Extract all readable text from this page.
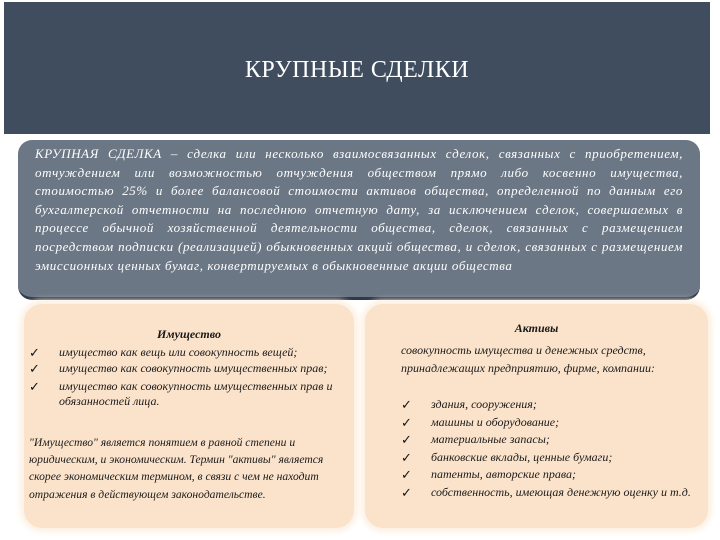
КРУПНЫЕ СДЕЛКИ
КРУПНАЯ СДЕЛКА – сделка или несколько взаимосвязанных сделок, связанных с приобретением, отчуждением или возможностью отчуждения обществом прямо либо косвенно имущества, стоимостью 25% и более балансовой стоимости активов общества, определенной по данным его бухгалтерской отчетности на последнюю отчетную дату, за исключением сделок, совершаемых в процессе обычной хозяйственной деятельности общества, сделок, связанных с размещением посредством подписки (реализацией) обыкновенных акций общества, и сделок, связанных с размещением эмиссионных ценных бумаг, конвертируемых в обыкновенные акции общества
Имущество
✓ имущество как вещь или совокупность вещей;
✓ имущество как совокупность имущественных прав;
✓ имущество как совокупность имущественных прав и обязанностей лица.
"Имущество" является понятием в равной степени и юридическим, и экономическим. Термин "активы" является скорее экономическим термином, в связи с чем не находит отражения в действующем законодательстве.
Активы
совокупность имущества и денежных средств, принадлежащих предприятию, фирме, компании:
✓ здания, сооружения;
✓ машины и оборудование;
✓ материальные запасы;
✓ банковские вклады, ценные бумаги;
✓ патенты, авторские права;
✓ собственность, имеющая денежную оценку и т.д.
